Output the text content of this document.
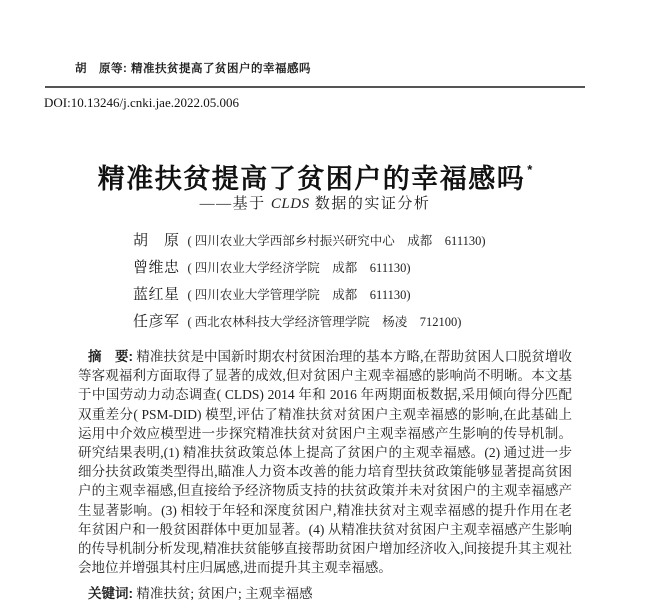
胡　原等: 精准扶贫提高了贫困户的幸福感吗
DOI:10.13246/j.cnki.jae.2022.05.006
精准扶贫提高了贫困户的幸福感吗 *
——基于 CLDS 数据的实证分析
胡　原 ( 四川农业大学西部乡村振兴研究中心　成都　611130)
曾维忠 ( 四川农业大学经济学院　成都　611130)
蓝红星 ( 四川农业大学管理学院　成都　611130)
任彦军 ( 西北农林科技大学经济管理学院　杨凌　712100)

摘　要: 精准扶贫是中国新时期农村贫困治理的基本方略,在帮助贫困人口脱贫增收等客观福利方面取得了显著的成效,但对贫困户主观幸福感的影响尚不明晰。本文基于中国劳动力动态调查( CLDS) 2014 年和 2016 年两期面板数据,采用倾向得分匹配双重差分( PSM-DID) 模型,评估了精准扶贫对贫困户主观幸福感的影响,在此基础上运用中介效应模型进一步探究精准扶贫对贫困户主观幸福感产生影响的传导机制。研究结果表明,(1) 精准扶贫政策总体上提高了贫困户的主观幸福感。(2) 通过进一步细分扶贫政策类型得出,瞄准人力资本改善的能力培育型扶贫政策能够显著提高贫困户的主观幸福感,但直接给予经济物质支持的扶贫政策并未对贫困户的主观幸福感产生显著影响。(3) 相较于年轻和深度贫困户,精准扶贫对主观幸福感的提升作用在老年贫困户和一般贫困群体中更加显著。(4) 从精准扶贫对贫困户主观幸福感产生影响的传导机制分析发现,精准扶贫能够直接帮助贫困户增加经济收入,间接提升其主观社会地位并增强其村庄归属感,进而提升其主观幸福感。

关键词: 精准扶贫; 贫困户; 主观幸福感
